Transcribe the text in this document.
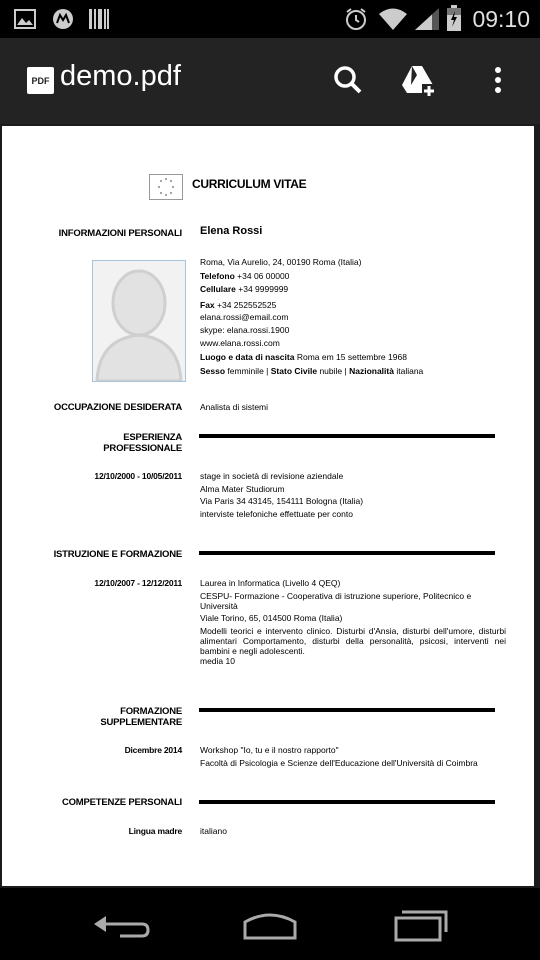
09:10
PDF demo.pdf
CURRICULUM VITAE
INFORMAZIONI PERSONALI Elena Rossi
Roma, Via Aurelio, 24, 00190 Roma (Italia)
Telefono +34 06 00000
Cellulare +34 9999999
Fax +34 252552525
elana.rossi@email.com
skype: elana.rossi.1900
www.elana.rossi.com
Luogo e data di nascita Roma em 15 settembre 1968
Sesso femminile | Stato Civile nubile | Nazionalità italiana
OCCUPAZIONE DESIDERATA Analista di sistemi
ESPERIENZA
PROFESSIONALE
12/10/2000 - 10/05/2011 stage in società di revisione aziendale
Alma Mater Studiorum
Via Paris 34 43145, 154111 Bologna (Italia)
interviste telefoniche effettuate per conto
ISTRUZIONE E FORMAZIONE
12/10/2007 - 12/12/2011 Laurea in Informatica (Livello 4 QEQ)
CESPU- Formazione - Cooperativa di istruzione superiore, Politecnico e Università
Viale Torino, 65, 014500 Roma (Italia)
Modelli teorici e intervento clinico. Disturbi d'Ansia, disturbi dell'umore, disturbi alimentari Comportamento, disturbi della personalità, psicosi, interventi nei bambini e negli adolescenti.
media 10
FORMAZIONE
SUPPLEMENTARE
Dicembre 2014 Workshop "Io, tu e il nostro rapporto"
Facoltà di Psicologia e Scienze dell'Educazione dell'Università di Coimbra
COMPETENZE PERSONALI
Lingua madre italiano
